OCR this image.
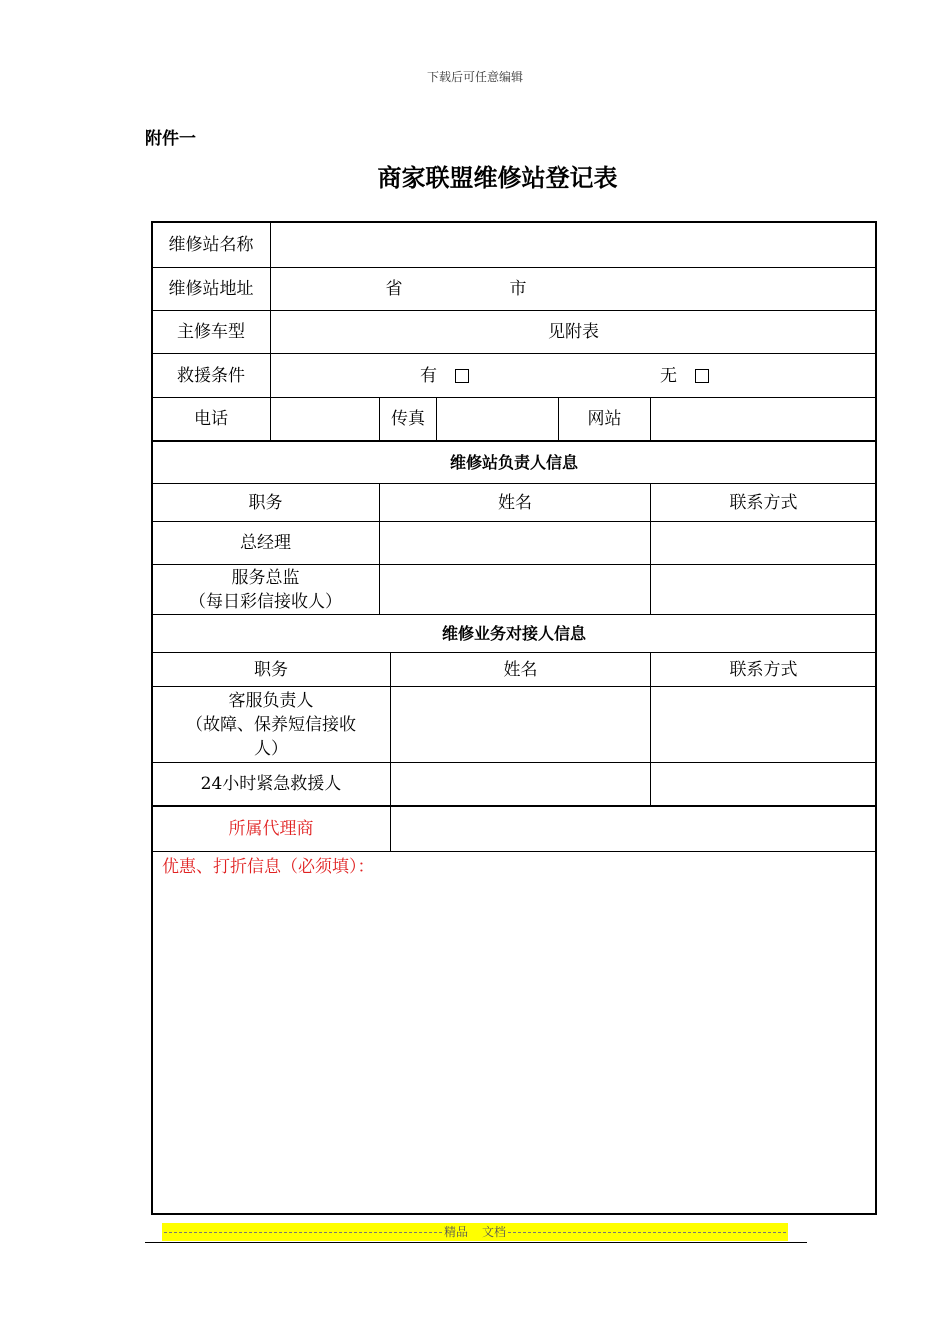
下载后可任意编辑
附件一
商家联盟维修站登记表
维修站名称
维修站地址	省	市
主修车型	见附表
救援条件	有	无
电话	传真	网站
维修站负责人信息
职务	姓名	联系方式
总经理
服务总监
（每日彩信接收人）
维修业务对接人信息
职务	姓名	联系方式
客服负责人
（故障、保养短信接收
人）
24小时紧急救援人
所属代理商
优惠、打折信息（必须填）：
精品 文档
